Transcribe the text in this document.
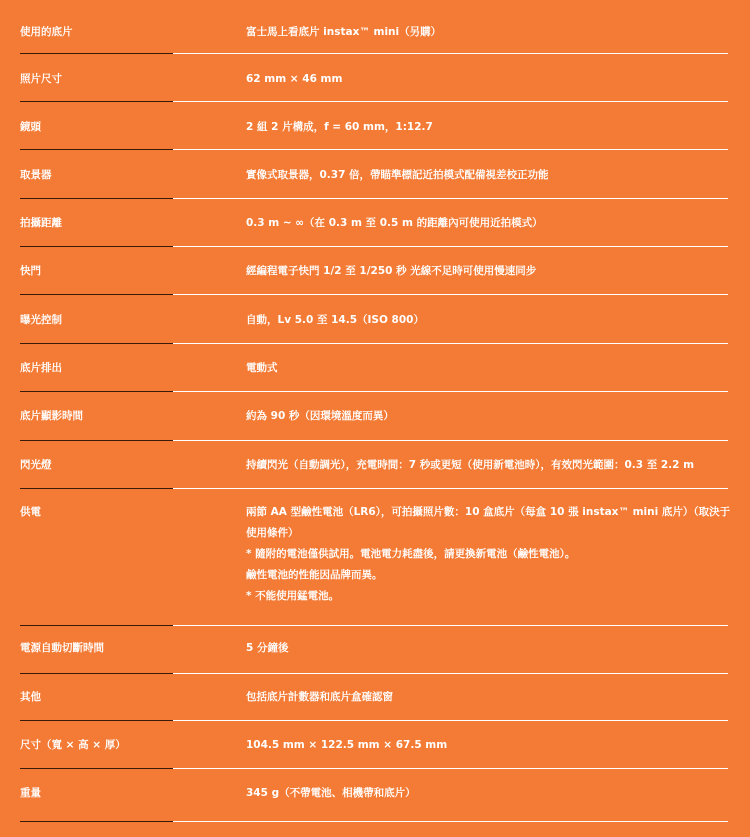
使用的底片	富士馬上看底片 instax™ mini（另購）
照片尺寸	62 mm × 46 mm
鏡頭	2 組 2 片構成，f = 60 mm，1:12.7
取景器	實像式取景器，0.37 倍，帶瞄準標記近拍模式配備視差校正功能
拍攝距離	0.3 m ~ ∞（在 0.3 m 至 0.5 m 的距離內可使用近拍模式）
快門	經編程電子快門 1/2 至 1/250 秒 光線不足時可使用慢速同步
曝光控制	自動，Lv 5.0 至 14.5（ISO 800）
底片排出	電動式
底片顯影時間	約為 90 秒（因環境溫度而異）
閃光燈	持續閃光（自動調光），充電時間：7 秒或更短（使用新電池時），有效閃光範圍：0.3 至 2.2 m
供電	兩節 AA 型鹼性電池（LR6），可拍攝照片數：10 盒底片（每盒 10 張 instax™ mini 底片）（取決于
使用條件）
* 隨附的電池僅供試用。電池電力耗盡後，請更換新電池（鹼性電池）。
鹼性電池的性能因品牌而異。
* 不能使用錳電池。
電源自動切斷時間	5 分鐘後
其他	包括底片計數器和底片盒確認窗
尺寸（寬 × 高 × 厚）	104.5 mm × 122.5 mm × 67.5 mm
重量	345 g（不帶電池、相機帶和底片）
